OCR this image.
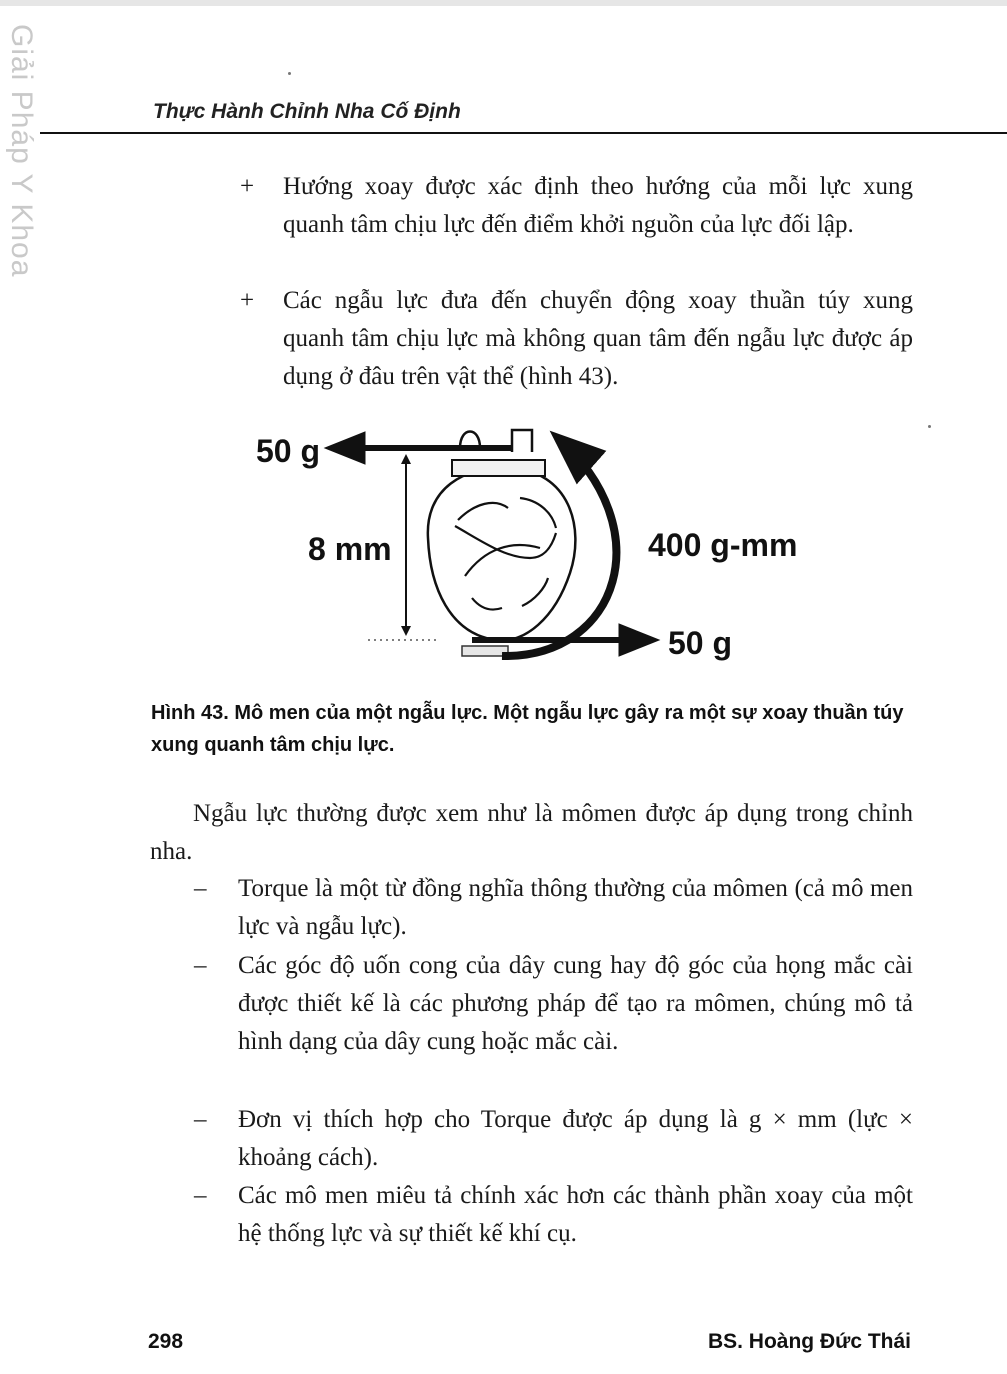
Giải Pháp Y Khoa	Thực Hành Chỉnh Nha Cố Định
+ Hướng xoay được xác định theo hướng của mỗi lực xung quanh tâm chịu lực đến điểm khởi nguồn của lực đối lập.

+ Các ngẫu lực đưa đến chuyển động xoay thuần túy xung quanh tâm chịu lực mà không quan tâm đến ngẫu lực được áp dụng ở đâu trên vật thể (hình 43).

50 g
8 mm	400 g-mm
50 g

Hình 43. Mô men của một ngẫu lực. Một ngẫu lực gây ra một sự xoay thuần túy xung quanh tâm chịu lực.

Ngẫu lực thường được xem như là mômen được áp dụng trong chỉnh nha.

– Torque là một từ đồng nghĩa thông thường của mômen (cả mô men lực và ngẫu lực).

– Các góc độ uốn cong của dây cung hay độ góc của họng mắc cài được thiết kế là các phương pháp để tạo ra mômen, chúng mô tả hình dạng của dây cung hoặc mắc cài.

– Đơn vị thích hợp cho Torque được áp dụng là g × mm (lực × khoảng cách).

– Các mô men miêu tả chính xác hơn các thành phần xoay của một hệ thống lực và sự thiết kế khí cụ.

298	BS. Hoàng Đức Thái
